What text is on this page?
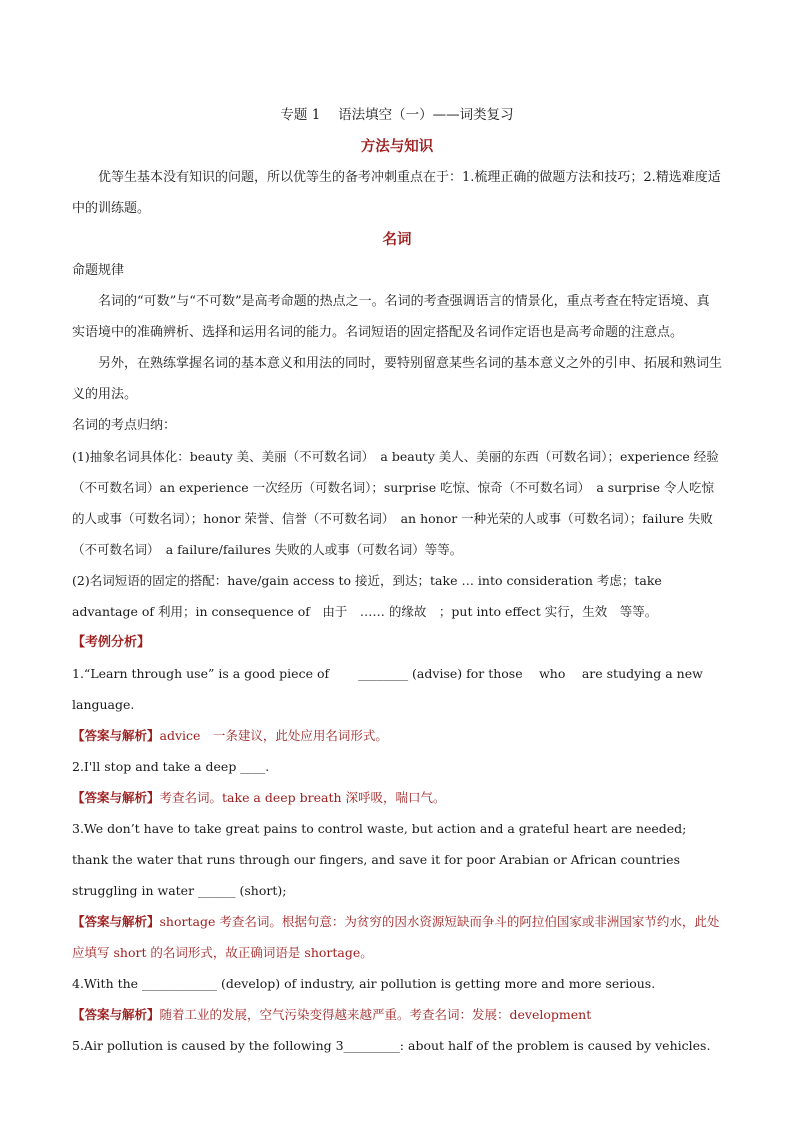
专题 1　 语法填空（一）——词类复习

方法与知识

优等生基本没有知识的问题，所以优等生的备考冲刺重点在于：1.梳理正确的做题方法和技巧；2.精选难度适中的训练题。

名词

命题规律

名词的“可数”与“不可数”是高考命题的热点之一。名词的考查强调语言的情景化，重点考查在特定语境、真实语境中的准确辨析、选择和运用名词的能力。名词短语的固定搭配及名词作定语也是高考命题的注意点。

另外，在熟练掌握名词的基本意义和用法的同时，要特别留意某些名词的基本意义之外的引申、拓展和熟词生义的用法。

名词的考点归纳：

(1)抽象名词具体化：beauty 美、美丽（不可数名词）　a beauty 美人、美丽的东西（可数名词）；experience 经验（不可数名词）an experience 一次经历（可数名词）；surprise 吃惊、惊奇（不可数名词）　a surprise 令人吃惊的人或事（可数名词）；honor 荣誉、信誉（不可数名词）　an honor 一种光荣的人或事（可数名词）；failure 失败（不可数名词）　a failure/failures 失败的人或事（可数名词）等等。

(2)名词短语的固定的搭配：have/gain access to 接近，到达；take … into consideration 考虑；take advantage of 利用；in consequence of　由于　…… 的缘故　；put into effect 实行，生效　等等。

【考例分析】

1.“Learn through use” is a good piece of 　　________ (advise) for those 　who 　are studying a new language.

【答案与解析】advice　一条建议，此处应用名词形式。

2.I'll stop and take a deep ____.

【答案与解析】考查名词。take a deep breath 深呼吸，喘口气。

3.We don’t have to take great pains to control waste, but action and a grateful heart are needed; thank the water that runs through our fingers, and save it for poor Arabian or African countries struggling in water ______ (short);

【答案与解析】shortage 考查名词。根据句意：为贫穷的因水资源短缺而争斗的阿拉伯国家或非洲国家节约水，此处应填写 short 的名词形式，故正确词语是 shortage。

4.With the ____________ (develop) of industry, air pollution is getting more and more serious.

【答案与解析】随着工业的发展，空气污染变得越来越严重。考查名词：发展：development

5.Air pollution is caused by the following 3_________: about half of the problem is caused by vehicles.
